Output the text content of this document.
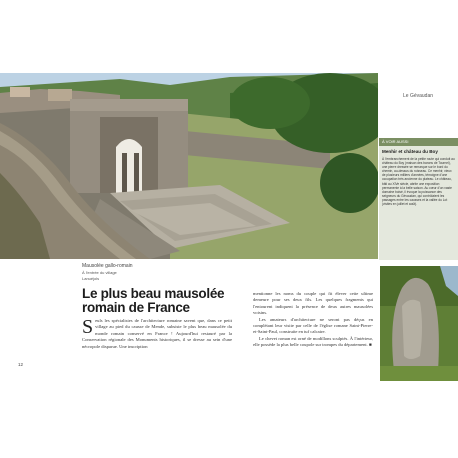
Mausolée gallo-romain
À l'entrée du village
Lanuéjols
Le plus beau mausolée
romain de France
S euls les spécialistes de l'architecture romaine savent que, dans ce petit village au pied du causse de Mende, subsiste le plus beau mausolée du monde romain conservé en France ! Aujourd'hui restauré par la Conservation régionale des Monuments historiques, il se dresse au sein d'une nécropole disparue. Une inscription
mentionne les noms du couple qui fit élever cette ultime demeure pour ses deux fils. Les quelques fragments qui l'entourent indiquent la présence de deux autres mausolées voisins.
Les amateurs d'architecture ne seront pas déçus en complétant leur visite par celle de l'église romane Saint-Pierre-et-Saint-Paul, construite en tuf calcaire.
Le chevet roman est orné de modillons sculptés. À l'intérieur, elle possède la plus belle coupole sur trompes du département. ■
12
Le Gévaudan
À VOIR AUSSI
Menhir et château du Boy
À l'embranchement de la petite route qui conduit au château du Boy (maison des barons de Tournel), une pierre dressée se remarque sur le bord du chemin, au-dessus du ruisseau. Ce menhir, vieux de plusieurs milliers d'années, témoigne d'une occupation très ancienne du plateau. Le château, bâti au XIVe siècle, abrite une exposition permanente à la belle saison. Au cœur d'un vaste domaine boisé, il évoque la puissance des seigneurs du Gévaudan, qui contrôlaient les passages entre les causses et la vallée du Lot (visites en juillet et août).
